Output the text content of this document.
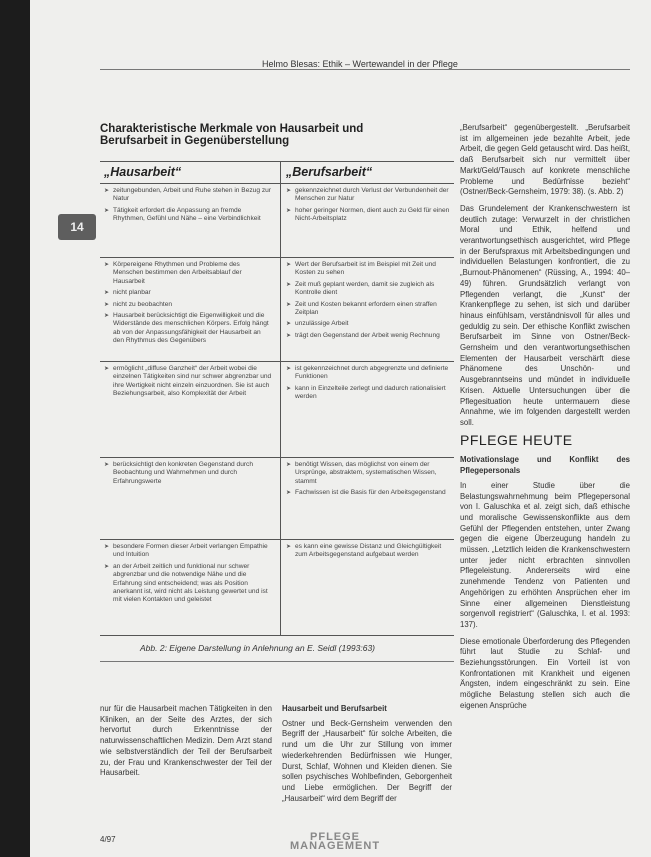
Helmo Blesas: Ethik – Wertewandel in der Pflege
14
Charakteristische Merkmale von Hausarbeit und Berufsarbeit in Gegenüberstellung
„Hausarbeit“	„Berufsarbeit“
➤ zeitungebunden, Arbeit und Ruhe stehen in Bezug zur Natur
➤ Tätigkeit erfordert die Anpassung an fremde Rhythmen, Gefühl und Nähe – eine Verbindlichkeit
➤ gekennzeichnet durch Verlust der Verbundenheit der Menschen zur Natur
➤ hoher geringer Normen, dient auch zu Geld für einen Nicht-Arbeitsplatz
➤ Körpereigene Rhythmen und Probleme des Menschen bestimmen den Arbeitsablauf der Hausarbeit
➤ nicht planbar
➤ nicht zu beobachten
➤ Hausarbeit berücksichtigt die Eigenwilligkeit und die Widerstände des menschlichen Körpers. Erfolg hängt ab von der Anpassungsfähigkeit der Hausarbeit an den Rhythmus des Gegenübers
➤ Wert der Berufsarbeit ist im Beispiel mit Zeit und Kosten zu sehen
➤ Zeit muß geplant werden, damit sie zugleich als Kontrolle dient
➤ Zeit und Kosten bekannt erfordern einen straffen Zeitplan
➤ unzulässige Arbeit
➤ trägt den Gegenstand der Arbeit wenig Rechnung
➤ ermöglicht „diffuse Ganzheit“ der Arbeit wobei die einzelnen Tätigkeiten sind nur schwer abgrenzbar und ihre Wertigkeit nicht einzeln einzuordnen. Sie ist auch Beziehungsarbeit, also Komplexität der Arbeit
➤ ist gekennzeichnet durch abgegrenzte und definierte Funktionen
➤ kann in Einzelteile zerlegt und dadurch rationalisiert werden
➤ berücksichtigt den konkreten Gegenstand durch Beobachtung und Wahrnehmen und durch Erfahrungswerte
➤ benötigt Wissen, das möglichst von einem der Ursprünge, abstraktem, systematischen Wissen, stammt
➤ Fachwissen ist die Basis für den Arbeitsgegenstand
➤ besondere Formen dieser Arbeit verlangen Empathie und Intuition
➤ an der Arbeit zeitlich und funktional nur schwer abgrenzbar und die notwendige Nähe und die Erfahrung sind entscheidend; was als Position anerkannt ist, wird nicht als Leistung gewertet und ist mit vielen Kontakten und geleistet
➤ es kann eine gewisse Distanz und Gleichgültigkeit zum Arbeitsgegenstand aufgebaut werden
Abb. 2: Eigene Darstellung in Anlehnung an E. Seidl (1993:63)

„Berufsarbeit“ gegenübergestellt. „Berufsarbeit ist im allgemeinen jede bezahlte Arbeit, jede Arbeit, die gegen Geld getauscht wird. Das heißt, daß Berufsarbeit sich nur vermittelt über Markt/Geld/Tausch auf konkrete menschliche Probleme und Bedürfnisse bezieht“ (Ostner/Beck-Gernsheim, 1979: 38). (s. Abb. 2)

Das Grundelement der Krankenschwestern ist deutlich zutage: Verwurzelt in der christlichen Moral und Ethik, helfend und verantwortungsethisch ausgerichtet, wird Pflege in der Berufspraxus mit Arbeitsbedingungen und individuellen Belastungen konfrontiert, die zu „Burnout-Phänomenen“ (Rüssing, A., 1994: 40–49) führen. Grundsätzlich verlangt von Pflegenden verlangt, die „Kunst“ der Krankenpflege zu sehen, ist sich und darüber hinaus einfühlsam, verständnisvoll für alles und geduldig zu sein. Der ethische Konflikt zwischen Berufsarbeit im Sinne von Ostner/Beck-Gernsheim und den verantwortungsethischen Elementen der Hausarbeit verschärft diese Phänomene des Unschön- und Ausgebranntseins und mündet in individuelle Krisen. Aktuelle Untersuchungen über die Pflegesituation heute untermauern diese Annahme, wie im folgenden dargestellt werden soll.

PFLEGE HEUTE
Motivationslage und Konflikt des Pflegepersonals

In einer Studie über die Belastungswahrnehmung beim Pflegepersonal von I. Galuschka et al. zeigt sich, daß ethische und moralische Gewissenskonflikte aus dem Gefühl der Pflegenden entstehen, unter Zwang gegen die eigene Überzeugung handeln zu müssen. „Letztlich leiden die Krankenschwestern unter jeder nicht erbrachten sinnvollen Pflegeleistung. Andererseits wird eine zunehmende Tendenz von Patienten und Angehörigen zu erhöhten Ansprüchen eher im Sinne einer allgemeinen Dienstleistung sorgenvoll registriert“ (Galuschka, I. et al. 1993: 137).

Diese emotionale Überforderung des Pflegenden führt laut Studie zu Schlaf- und Beziehungsstörungen. Ein Vorteil ist von Konfrontationen mit Krankheit und eigenen Ängsten, indem eingeschränkt zu sein. Eine mögliche Belastung stellen sich auch die eigenen Ansprüche

nur für die Hausarbeit machen Tätigkeiten in den Kliniken, an der Seite des Arztes, der sich hervortut durch Erkenntnisse der naturwissenschaftlichen Medizin. Dem Arzt stand wie selbstverständlich der Teil der Berufsarbeit zu, der Frau und Krankenschwester der Teil der Hausarbeit.

Hausarbeit und Berufsarbeit

Ostner und Beck-Gernsheim verwenden den Begriff der „Hausarbeit“ für solche Arbeiten, die rund um die Uhr zur Stillung von immer wiederkehrenden Bedürfnissen wie Hunger, Durst, Schlaf, Wohnen und Kleiden dienen. Sie sollen psychisches Wohlbefinden, Geborgenheit und Liebe ermöglichen. Der Begriff der „Hausarbeit“ wird dem Begriff der

4/97	PFLEGE
MANAGEMENT
